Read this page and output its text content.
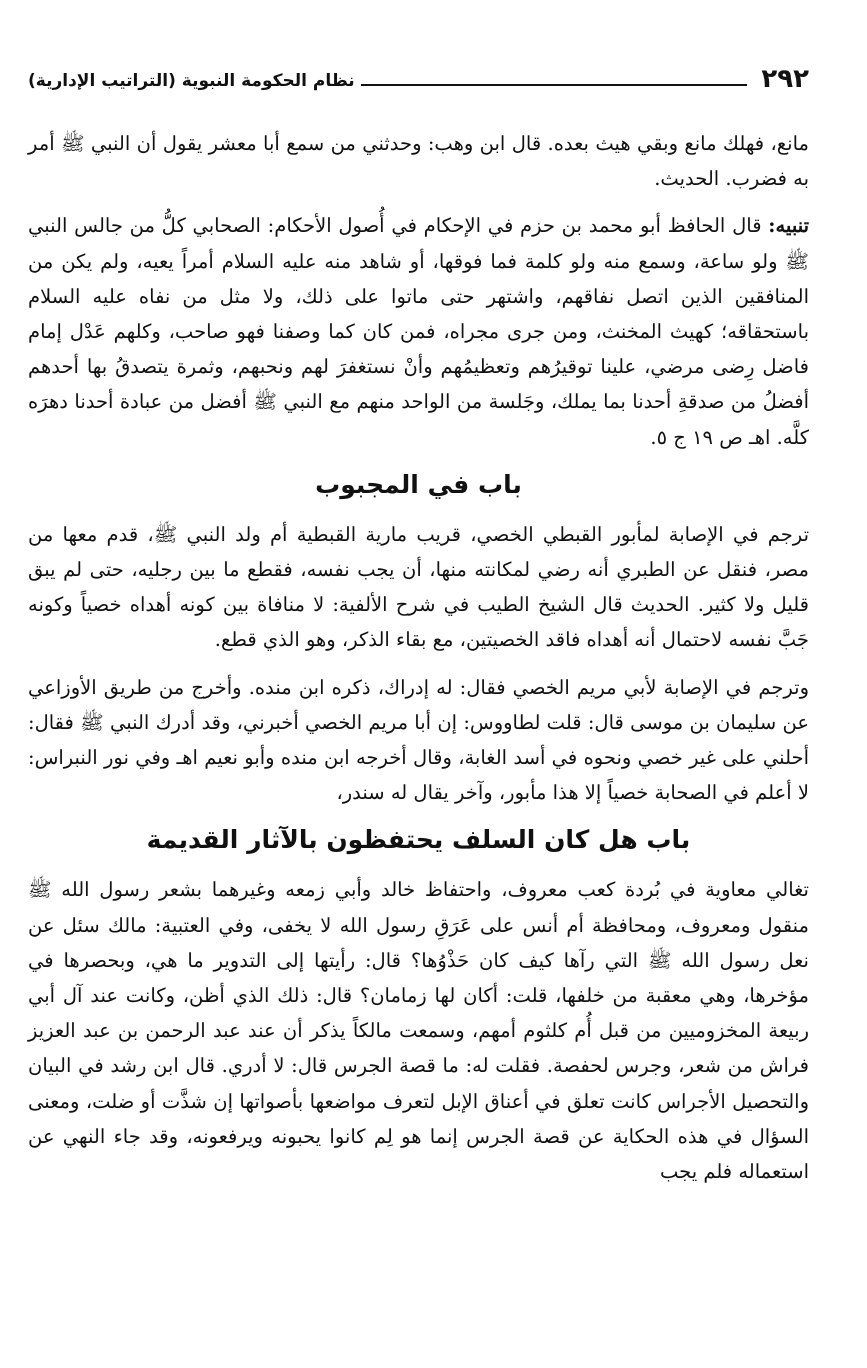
٢٩٢
نظام الحكومة النبوية (التراتيب الإدارية)

مانع، فهلك مانع وبقي هيث بعده. قال ابن وهب: وحدثني من سمع أبا معشر يقول أن النبي ﷺ أمر به فضرب. الحديث.

تنبيه: قال الحافظ أبو محمد بن حزم في الإحكام في أُصول الأحكام: الصحابي كلُّ من جالس النبي ﷺ ولو ساعة، وسمع منه ولو كلمة فما فوقها، أو شاهد منه عليه السلام أمراً يعيه، ولم يكن من المنافقين الذين اتصل نفاقهم، واشتهر حتى ماتوا على ذلك، ولا مثل من نفاه عليه السلام باستحقاقه؛ كهيث المخنث، ومن جرى مجراه، فمن كان كما وصفنا فهو صاحب، وكلهم عَدْل إمام فاضل رِضى مرضي، علينا توقيرُهم وتعظيمُهم وأنْ نستغفرَ لهم ونحبهم، وثمرة يتصدقُ بها أحدهم أفضلُ من صدقةِ أحدنا بما يملك، وجَلسة من الواحد منهم مع النبي ﷺ أفضل من عبادة أحدنا دهرَه كلَّه. اهـ ص ١٩ ج ٥.

باب في المجبوب

ترجم في الإصابة لمأبور القبطي الخصي، قريب مارية القبطية أم ولد النبي ﷺ، قدم معها من مصر، فنقل عن الطبري أنه رضي لمكانته منها، أن يجب نفسه، فقطع ما بين رجليه، حتى لم يبق قليل ولا كثير. الحديث قال الشيخ الطيب في شرح الألفية: لا منافاة بين كونه أهداه خصياً وكونه جَبَّ نفسه لاحتمال أنه أهداه فاقد الخصيتين، مع بقاء الذكر، وهو الذي قطع.

وترجم في الإصابة لأبي مريم الخصي فقال: له إدراك، ذكره ابن منده. وأخرج من طريق الأوزاعي عن سليمان بن موسى قال: قلت لطاووس: إن أبا مريم الخصي أخبرني، وقد أدرك النبي ﷺ فقال: أحلني على غير خصي ونحوه في أسد الغابة، وقال أخرجه ابن منده وأبو نعيم اهـ وفي نور النبراس: لا أعلم في الصحابة خصياً إلا هذا مأبور، وآخر يقال له سندر،

باب هل كان السلف يحتفظون بالآثار القديمة

تغالي معاوية في بُردة كعب معروف، واحتفاظ خالد وأبي زمعه وغيرهما بشعر رسول الله ﷺ منقول ومعروف، ومحافظة أم أنس على عَرَقِ رسول الله لا يخفى، وفي العتبية: مالك سئل عن نعل رسول الله ﷺ التي رآها كيف كان حَذْوُها؟ قال: رأيتها إلى التدوير ما هي، وبحصرها في مؤخرها، وهي معقبة من خلفها، قلت: أكان لها زمامان؟ قال: ذلك الذي أظن، وكانت عند آل أبي ربيعة المخزوميين من قبل أُم كلثوم أمهم، وسمعت مالكاً يذكر أن عند عبد الرحمن بن عبد العزيز فراش من شعر، وجرس لحفصة. فقلت له: ما قصة الجرس قال: لا أدري. قال ابن رشد في البيان والتحصيل الأجراس كانت تعلق في أعناق الإبل لتعرف مواضعها بأصواتها إن شذَّت أو ضلت، ومعنى السؤال في هذه الحكاية عن قصة الجرس إنما هو لِم كانوا يحبونه ويرفعونه، وقد جاء النهي عن استعماله فلم يجب
